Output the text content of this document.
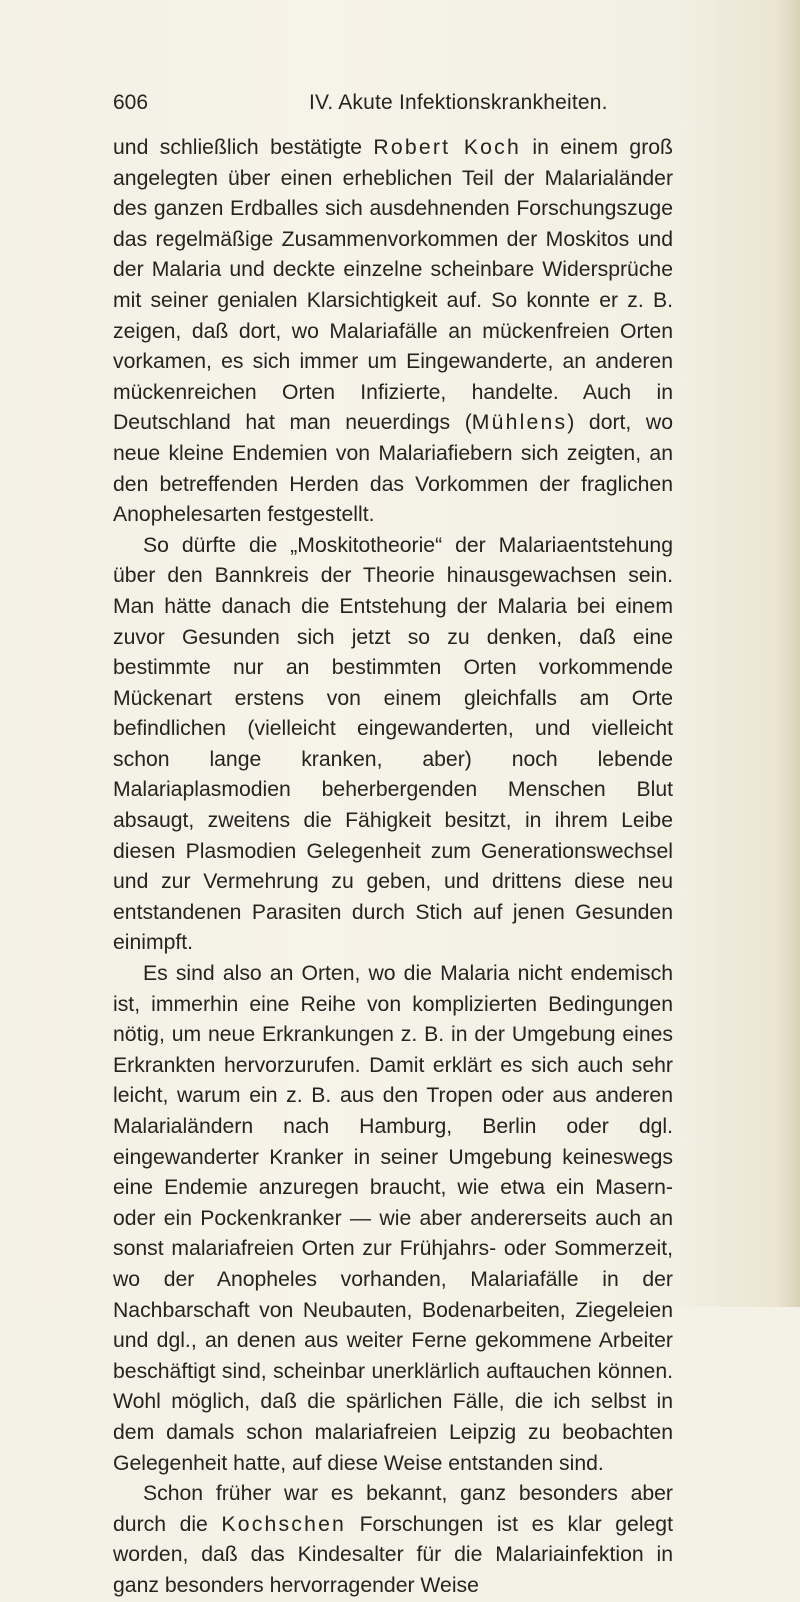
606	IV. Akute Infektionskrankheiten.

und schließlich bestätigte Robert Koch in einem groß angelegten über einen erheblichen Teil der Malarialänder des ganzen Erdballes sich ausdehnenden Forschungszuge das regelmäßige Zusammenvorkommen der Moskitos und der Malaria und deckte einzelne scheinbare Widersprüche mit seiner genialen Klarsichtigkeit auf. So konnte er z. B. zeigen, daß dort, wo Malariafälle an mückenfreien Orten vorkamen, es sich immer um Eingewanderte, an anderen mückenreichen Orten Infizierte, handelte. Auch in Deutschland hat man neuerdings (Mühlens) dort, wo neue kleine Endemien von Malariafiebern sich zeigten, an den betreffenden Herden das Vorkommen der fraglichen Anophelesarten festgestellt.

So dürfte die „Moskitotheorie“ der Malariaentstehung über den Bannkreis der Theorie hinausgewachsen sein. Man hätte danach die Entstehung der Malaria bei einem zuvor Gesunden sich jetzt so zu denken, daß eine bestimmte nur an bestimmten Orten vorkommende Mückenart erstens von einem gleichfalls am Orte befindlichen (vielleicht eingewanderten, und vielleicht schon lange kranken, aber) noch lebende Malariaplasmodien beherbergenden Menschen Blut absaugt, zweitens die Fähigkeit besitzt, in ihrem Leibe diesen Plasmodien Gelegenheit zum Generationswechsel und zur Vermehrung zu geben, und drittens diese neu entstandenen Parasiten durch Stich auf jenen Gesunden einimpft.

Es sind also an Orten, wo die Malaria nicht endemisch ist, immerhin eine Reihe von komplizierten Bedingungen nötig, um neue Erkrankungen z. B. in der Umgebung eines Erkrankten hervorzurufen. Damit erklärt es sich auch sehr leicht, warum ein z. B. aus den Tropen oder aus anderen Malarialändern nach Hamburg, Berlin oder dgl. eingewanderter Kranker in seiner Umgebung keineswegs eine Endemie anzuregen braucht, wie etwa ein Masern- oder ein Pockenkranker — wie aber andererseits auch an sonst malariafreien Orten zur Frühjahrs- oder Sommerzeit, wo der Anopheles vorhanden, Malariafälle in der Nachbarschaft von Neubauten, Bodenarbeiten, Ziegeleien und dgl., an denen aus weiter Ferne gekommene Arbeiter beschäftigt sind, scheinbar unerklärlich auftauchen können. Wohl möglich, daß die spärlichen Fälle, die ich selbst in dem damals schon malariafreien Leipzig zu beobachten Gelegenheit hatte, auf diese Weise entstanden sind.

Schon früher war es bekannt, ganz besonders aber durch die Kochschen Forschungen ist es klar gelegt worden, daß das Kindesalter für die Malariainfektion in ganz besonders hervorragender Weise
